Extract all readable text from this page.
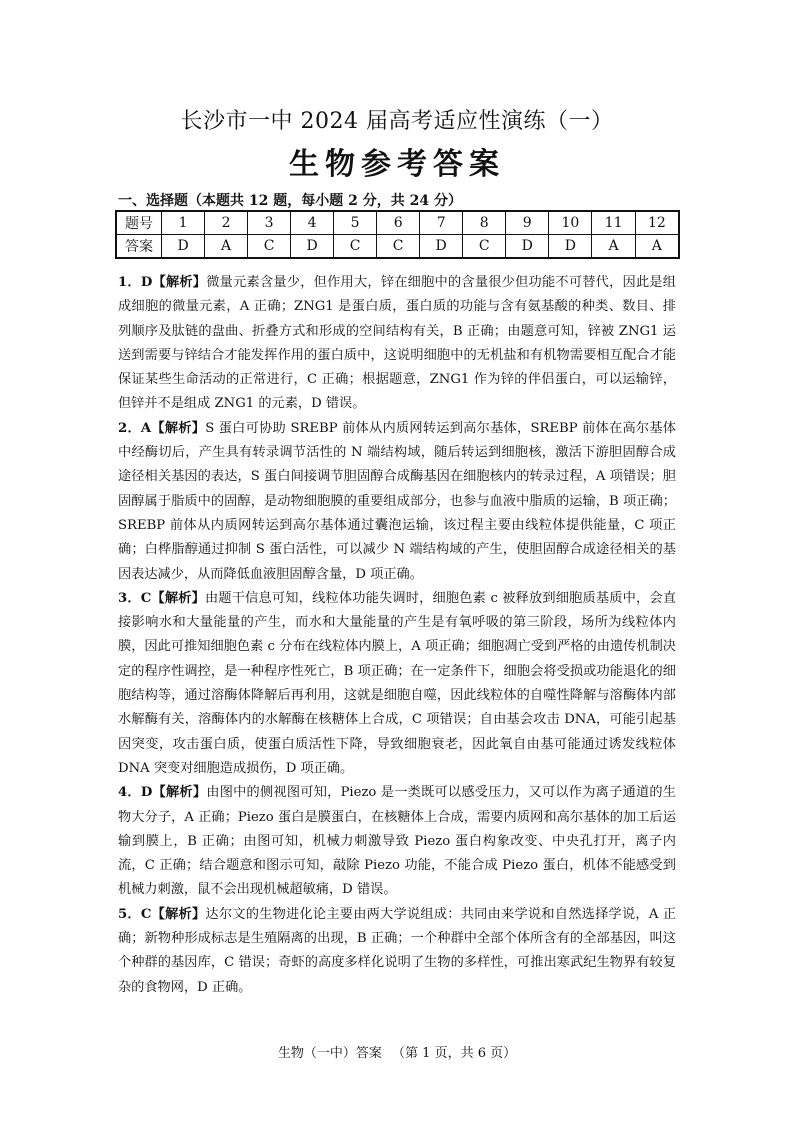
长沙市一中 2024 届高考适应性演练（一）
生物参考答案
一、选择题（本题共 12 题，每小题 2 分，共 24 分）
题号	1	2	3	4	5	6	7	8	9	10	11	12
答案	D	A	C	D	C	C	D	C	D	D	A	A

1．D【解析】微量元素含量少，但作用大，锌在细胞中的含量很少但功能不可替代，因此是组成细胞的微量元素，A 正确；ZNG1 是蛋白质，蛋白质的功能与含有氨基酸的种类、数目、排列顺序及肽链的盘曲、折叠方式和形成的空间结构有关，B 正确；由题意可知，锌被 ZNG1 运送到需要与锌结合才能发挥作用的蛋白质中，这说明细胞中的无机盐和有机物需要相互配合才能保证某些生命活动的正常进行，C 正确；根据题意，ZNG1 作为锌的伴侣蛋白，可以运输锌，但锌并不是组成 ZNG1 的元素，D 错误。

2．A【解析】S 蛋白可协助 SREBP 前体从内质网转运到高尔基体，SREBP 前体在高尔基体中经酶切后，产生具有转录调节活性的 N 端结构域，随后转运到细胞核，激活下游胆固醇合成途径相关基因的表达，S 蛋白间接调节胆固醇合成酶基因在细胞核内的转录过程，A 项错误；胆固醇属于脂质中的固醇，是动物细胞膜的重要组成部分，也参与血液中脂质的运输，B 项正确；SREBP 前体从内质网转运到高尔基体通过囊泡运输，该过程主要由线粒体提供能量，C 项正确；白桦脂醇通过抑制 S 蛋白活性，可以减少 N 端结构域的产生，使胆固醇合成途径相关的基因表达减少，从而降低血液胆固醇含量，D 项正确。

3．C【解析】由题干信息可知，线粒体功能失调时，细胞色素 c 被释放到细胞质基质中，会直接影响水和大量能量的产生，而水和大量能量的产生是有氧呼吸的第三阶段，场所为线粒体内膜，因此可推知细胞色素 c 分布在线粒体内膜上，A 项正确；细胞凋亡受到严格的由遗传机制决定的程序性调控，是一种程序性死亡，B 项正确；在一定条件下，细胞会将受损或功能退化的细胞结构等，通过溶酶体降解后再利用，这就是细胞自噬，因此线粒体的自噬性降解与溶酶体内部水解酶有关，溶酶体内的水解酶在核糖体上合成，C 项错误；自由基会攻击 DNA，可能引起基因突变，攻击蛋白质，使蛋白质活性下降，导致细胞衰老，因此氧自由基可能通过诱发线粒体 DNA 突变对细胞造成损伤，D 项正确。

4．D【解析】由图中的侧视图可知，Piezo 是一类既可以感受压力，又可以作为离子通道的生物大分子，A 正确；Piezo 蛋白是膜蛋白，在核糖体上合成，需要内质网和高尔基体的加工后运输到膜上，B 正确；由图可知，机械力刺激导致 Piezo 蛋白构象改变、中央孔打开，离子内流，C 正确；结合题意和图示可知，敲除 Piezo 功能，不能合成 Piezo 蛋白，机体不能感受到机械力刺激，鼠不会出现机械超敏痛，D 错误。

5．C【解析】达尔文的生物进化论主要由两大学说组成：共同由来学说和自然选择学说，A 正确；新物种形成标志是生殖隔离的出现，B 正确；一个种群中全部个体所含有的全部基因，叫这个种群的基因库，C 错误；奇虾的高度多样化说明了生物的多样性，可推出寒武纪生物界有较复杂的食物网，D 正确。

生物（一中）答案 （第 1 页，共 6 页）
